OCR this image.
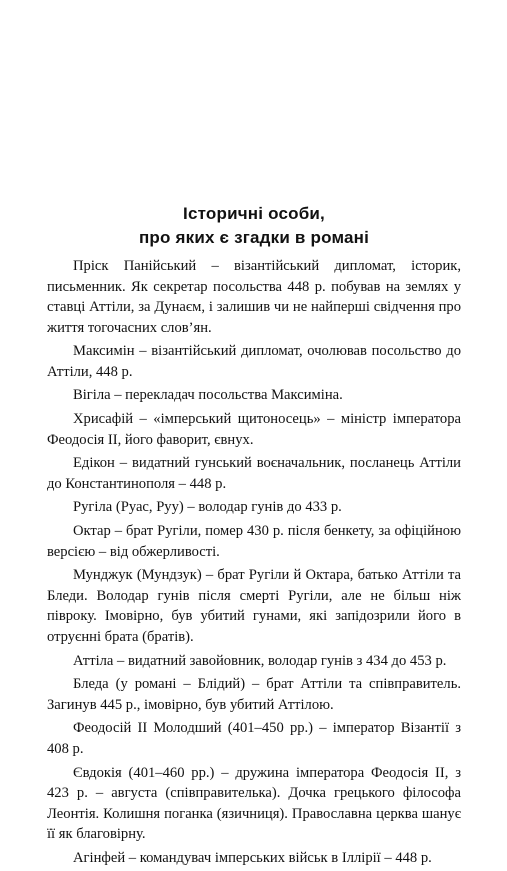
Історичні особи,
про яких є згадки в романі

Пріск Панійський – візантійський дипломат, історик, письменник. Як секретар посольства 448 р. побував на землях у ставці Аттіли, за Дунаєм, і залишив чи не найперші свідчення про життя тогочасних слов’ян.

Максимін – візантійський дипломат, очолював посольство до Аттіли, 448 р.

Вігіла – перекладач посольства Максиміна.

Хрисафій – «імперський щитоносець» – міністр імператора Феодосія II, його фаворит, євнух.

Едікон – видатний гунський воєначальник, посланець Аттіли до Константинополя – 448 р.

Ругіла (Руас, Руу) – володар гунів до 433 р.

Октар – брат Ругіли, помер 430 р. після бенкету, за офіційною версією – від обжерливості.

Мунджук (Мундзук) – брат Ругіли й Октара, батько Аттіли та Бледи. Володар гунів після смерті Ругіли, але не більш ніж півроку. Імовірно, був убитий гунами, які запідозрили його в отруєнні брата (братів).

Аттіла – видатний завойовник, володар гунів з 434 до 453 р.

Бледа (у романі – Блідий) – брат Аттіли та співправитель. Загинув 445 р., імовірно, був убитий Аттілою.

Феодосій II Молодший (401–450 рр.) – імператор Візантії з 408 р.

Євдокія (401–460 рр.) – дружина імператора Феодосія II, з 423 р. – августа (співправителька). Дочка грецького філософа Леонтія. Колишня поганка (язичниця). Православна церква шанує її як благовірну.

Агінфей – командувач імперських військ в Іллірії – 448 р.
